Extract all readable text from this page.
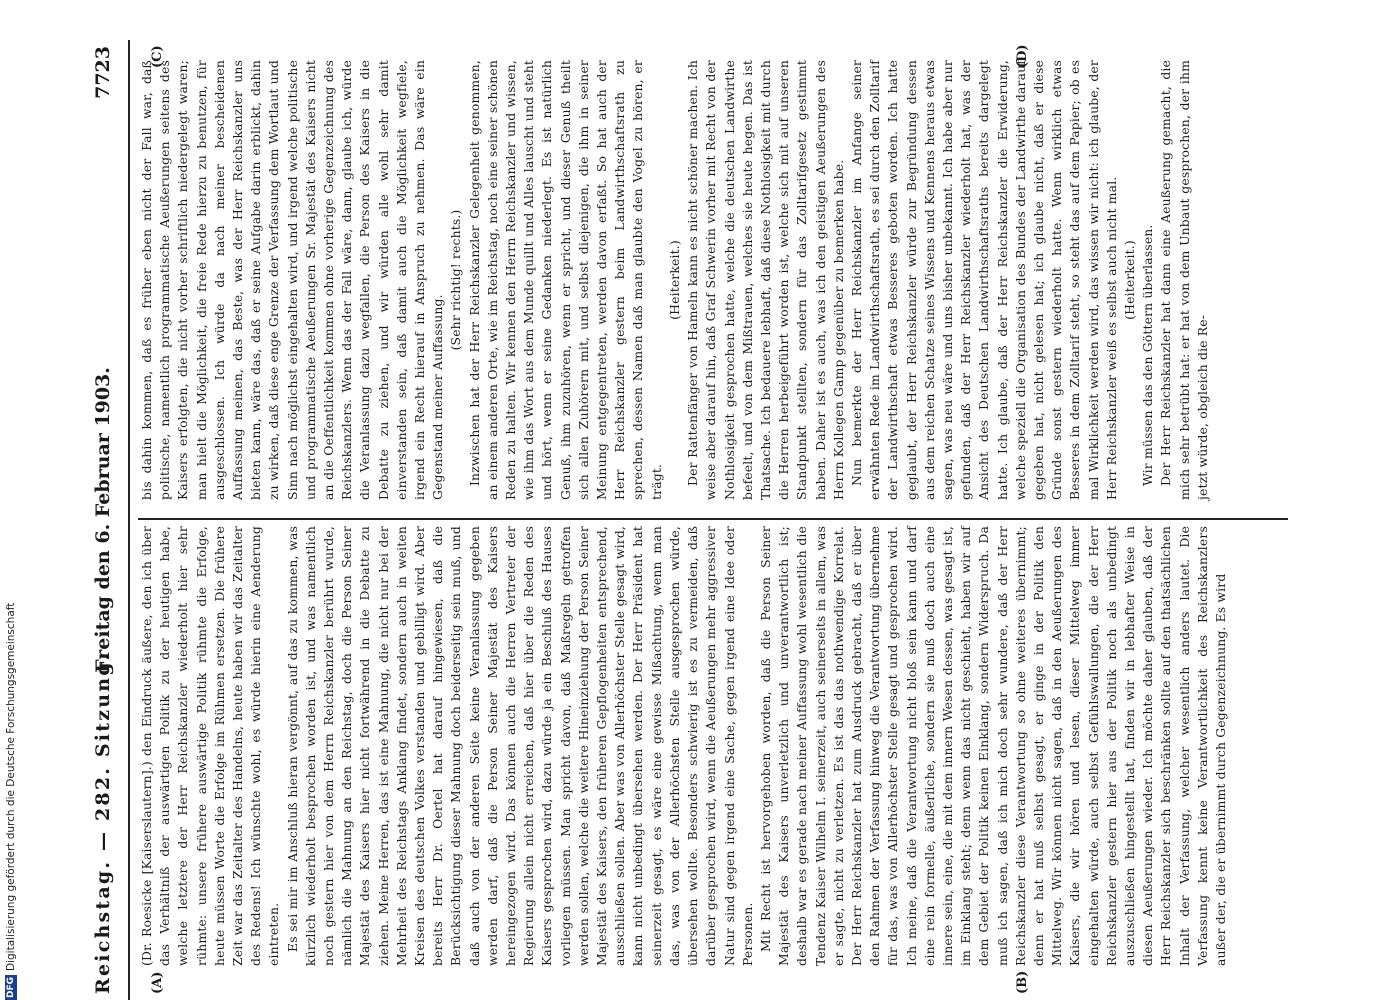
Reichstag. — 282. Sitzung.
Freitag den 6. Februar 1903.
7723
(A)	(B)
(C)	(D)

(Dr. Roesicke [Kaiserslautern].) den Eindruck äußere, den ich über das Verhältniß der auswärtigen Politik zu der heutigen habe, welche letztere der Herr Reichskanzler wiederholt hier sehr rühmte: unsere frühere auswärtige Politik rühmte die Erfolge, heute müssen Worte die Erfolge im Rühmen ersetzen. Die frühere Zeit war das Zeitalter des Handelns, heute haben wir das Zeitalter des Redens! Ich wünschte wohl, es würde hierin eine Aenderung eintreten. Es sei mir im Anschluß hieran vergönnt, auf das zu kommen, was kürzlich wiederholt besprochen worden ist, und was namentlich noch gestern hier von dem Herrn Reichskanzler berührt wurde, nämlich die Mahnung an den Reichstag, doch die Person Seiner Majestät des Kaisers hier nicht fortwährend in die Debatte zu ziehen. Meine Herren, das ist eine Mahnung, die nicht nur bei der Mehrheit des Reichstags Anklang findet, sondern auch in weiten Kreisen des deutschen Volkes verstanden und gebilligt wird. Aber bereits Herr Dr. Oertel hat darauf hingewiesen, daß die Berücksichtigung dieser Mahnung doch beiderseitig sein muß, und daß auch von der anderen Seite keine Veranlassung gegeben werden darf, daß die Person Seiner Majestät des Kaisers hereingezogen wird. Das können auch die Herren Vertreter der Regierung allein nicht erreichen, daß hier über die Reden des Kaisers gesprochen wird, dazu würde ja ein Beschluß des Hauses vorliegen müssen. Man spricht davon, daß Maßregeln getroffen werden sollen, welche die weitere Hineinziehung der Person Seiner Majestät des Kaisers, den früheren Gepflogenheiten entsprechend, ausschließen sollen. Aber was von Allerhöchster Stelle gesagt wird, kann nicht unbedingt übersehen werden. Der Herr Präsident hat seinerzeit gesagt, es wäre eine gewisse Mißachtung, wenn man das, was von der Allerhöchsten Stelle ausgesprochen würde, übersehen wollte. Besonders schwierig ist es zu vermeiden, daß darüber gesprochen wird, wenn die Aeußerungen mehr aggressiver Natur sind gegen irgend eine Sache, gegen irgend eine Idee oder Personen. Mit Recht ist hervorgehoben worden, daß die Person Seiner Majestät des Kaisers unverletzlich und unverantwortlich ist; deshalb war es gerade nach meiner Auffassung wohl wesentlich die Tendenz Kaiser Wilhelm I. seinerzeit, auch seinerseits in allem, was er sagte, nicht zu verletzen. Es ist das das nothwendige Korrelat. Der Herr Reichskanzler hat zum Ausdruck gebracht, daß er über den Rahmen der Verfassung hinweg die Verantwortung übernehme für das, was von Allerhöchster Stelle gesagt und gesprochen wird. Ich meine, daß die Verantwortung nicht bloß sein kann und darf eine rein formelle, äußerliche, sondern sie muß doch auch eine innere sein, eine, die mit dem innern Wesen dessen, was gesagt ist, im Einklang steht; denn wenn das nicht geschieht, haben wir auf dem Gebiet der Politik keinen Einklang, sondern Widerspruch. Da muß ich sagen, daß ich mich doch sehr wundere, daß der Herr Reichskanzler diese Verantwortung so ohne weiteres übernimmt; denn er hat muß selbst gesagt, er ginge in der Politik den Mittelweg. Wir können nicht sagen, daß in den Aeußerungen des Kaisers, die wir hören und lesen, dieser Mittelweg immer eingehalten würde, auch selbst Gefühlswallungen, die der Herr Reichskanzler gestern hier aus der Politik noch als unbedingt auszuschließen hingestellt hat, finden wir in lebhafter Weise in diesen Aeußerungen wieder. Ich möchte daher glauben, daß der Herr Reichskanzler sich beschränken sollte auf den thatsächlichen Inhalt der Verfassung, welcher wesentlich anders lautet. Die Verfassung kennt keine Verantwortlichkeit des Reichskanzlers außer der, die er übernimmt durch Gegenzeichnung. Es wird

bis dahin kommen, daß es früher eben nicht der Fall war, daß politische, namentlich programmatische Aeußerungen seitens des Kaisers erfolgten, die nicht vorher schriftlich niedergelegt waren; man hielt die Möglichkeit, die freie Rede hierzu zu benutzen, für ausgeschlossen. Ich würde da nach meiner bescheidenen Auffassung meinen, das Beste, was der Herr Reichskanzler uns bieten kann, wäre das, daß er seine Aufgabe darin erblickt, dahin zu wirken, daß diese enge Grenze der Verfassung dem Wortlaut und Sinn nach möglichst eingehalten wird, und irgend welche politische und programmatische Aeußerungen Sr. Majestät des Kaisers nicht an die Oeffentlichkeit kommen ohne vorherige Gegenzeichnung des Reichskanzlers. Wenn das der Fall wäre, dann, glaube ich, würde die Veranlassung dazu wegfallen, die Person des Kaisers in die Debatte zu ziehen, und wir würden alle wohl sehr damit einverstanden sein, daß damit auch die Möglichkeit wegfiele, irgend ein Recht hierauf in Anspruch zu nehmen. Das wäre ein Gegenstand meiner Auffassung.

(Sehr richtig! rechts.) Inzwischen hat der Herr Reichskanzler Gelegenheit genommen, an einem anderen Orte, wie im Reichstag, noch eine seiner schönen Reden zu halten. Wir kennen den Herrn Reichskanzler und wissen, wie ihm das Wort aus dem Munde quillt und Alles lauscht und steht und hört, wenn er seine Gedanken niederlegt. Es ist natürlich Genuß, ihm zuzuhören, wenn er spricht, und dieser Genuß theilt sich allen Zuhörern mit, und selbst diejenigen, die ihm in seiner Meinung entgegentreten, werden davon erfaßt. So hat auch der Herr Reichskanzler gestern beim Landwirthschaftsrath zu sprechen, dessen Namen daß man glaubte den Vogel zu hören, er trägt.

(Heiterkeit.) Der Rattenfänger von Hameln kann es nicht schöner machen. Ich weise aber darauf hin, daß Graf Schwerin vorher mit Recht von der Nothlosigkeit gesprochen hatte, welche die deutschen Landwirthe befeelt, und von dem Mißtrauen, welches sie heute hegen. Das ist Thatsache. Ich bedauere lebhaft, daß diese Nothlosigkeit mit durch die Herren herbeigeführt worden ist, welche sich mit auf unseren Standpunkt stellten, sondern für das Zolltarifgesetz gestimmt haben. Daher ist es auch, was ich den geistigen Aeußerungen des Herrn Kollegen Gamp gegenüber zu bemerken habe. Nun bemerkte der Herr Reichskanzler im Anfange seiner erwähnten Rede im Landwirthschaftsrath, es sei durch den Zolltarif der Landwirthschaft etwas Besseres geboten worden. Ich hatte geglaubt, der Herr Reichskanzler würde zur Begründung dessen aus dem reichen Schatze seines Wissens und Kennens heraus etwas sagen, was neu wäre und uns bisher unbekannt. Ich habe aber nur gefunden, daß der Herr Reichskanzler wiederholt hat, was der Ansicht des Deutschen Landwirthschaftsraths bereits dargelegt hatte. Ich glaube, daß der Herr Reichskanzler die Erwiderung, welche speziell die Organisation des Bundes der Landwirthe darauf gegeben hat, nicht gelesen hat; ich glaube nicht, daß er diese Gründe sonst gestern wiederholt hatte. Wenn wirklich etwas Besseres in dem Zolltarif steht, so steht das auf dem Papier; ob es mal Wirklichkeit werden wird, das wissen wir nicht: ich glaube, der Herr Reichskanzler weiß es selbst auch nicht mal. (Heiterkeit.) Wir müssen das den Göttern überlassen. Der Herr Reichskanzler hat dann eine Aeußerung gemacht, die mich sehr betrübt hat: er hat von dem Unbaut gesprochen, der ihm jetzt würde, obgleich die Re-

DFGDigitalisierung gefördert durch die Deutsche Forschungsgemeinschaft
